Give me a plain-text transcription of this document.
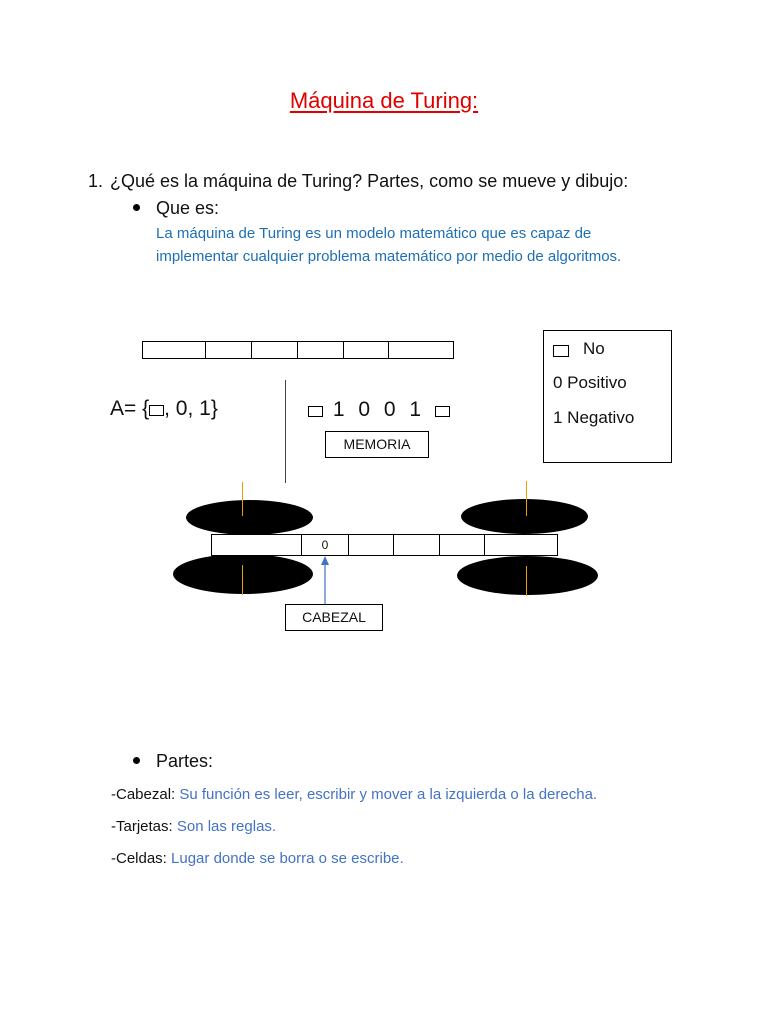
Máquina de Turing:
1. ¿Qué es la máquina de Turing? Partes, como se mueve y dibujo:
Que es:
La máquina de Turing es un modelo matemático que es capaz de implementar cualquier problema matemático por medio de algoritmos.
A= { , 0, 1}	1 0 0 1
MEMORIA
No
0 Positivo
1 Negativo
0
CABEZAL
Partes:
-Cabezal: Su función es leer, escribir y mover a la izquierda o la derecha.
-Tarjetas: Son las reglas.
-Celdas: Lugar donde se borra o se escribe.
